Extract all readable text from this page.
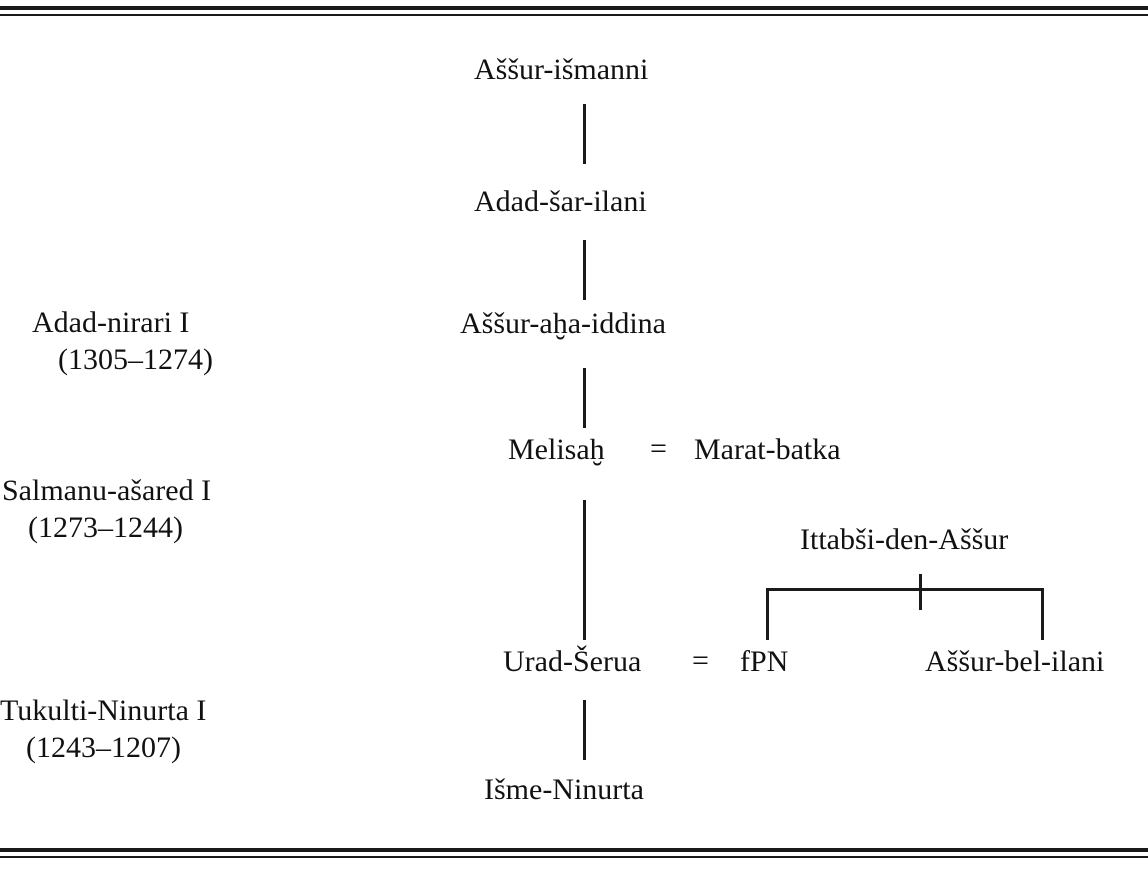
Adad-nirari I
(1305–1274)
Salmanu-ašared I
(1273–1244)
Tukulti-Ninurta I
(1243–1207)
Aššur-išmanni
Adad-šar-ilani
Aššur-aḫa-iddina
Melisaḫ = Marat-batka
Ittabši-den-Aššur
Urad-Šerua = fPN	Aššur-bel-ilani
Išme-Ninurta
